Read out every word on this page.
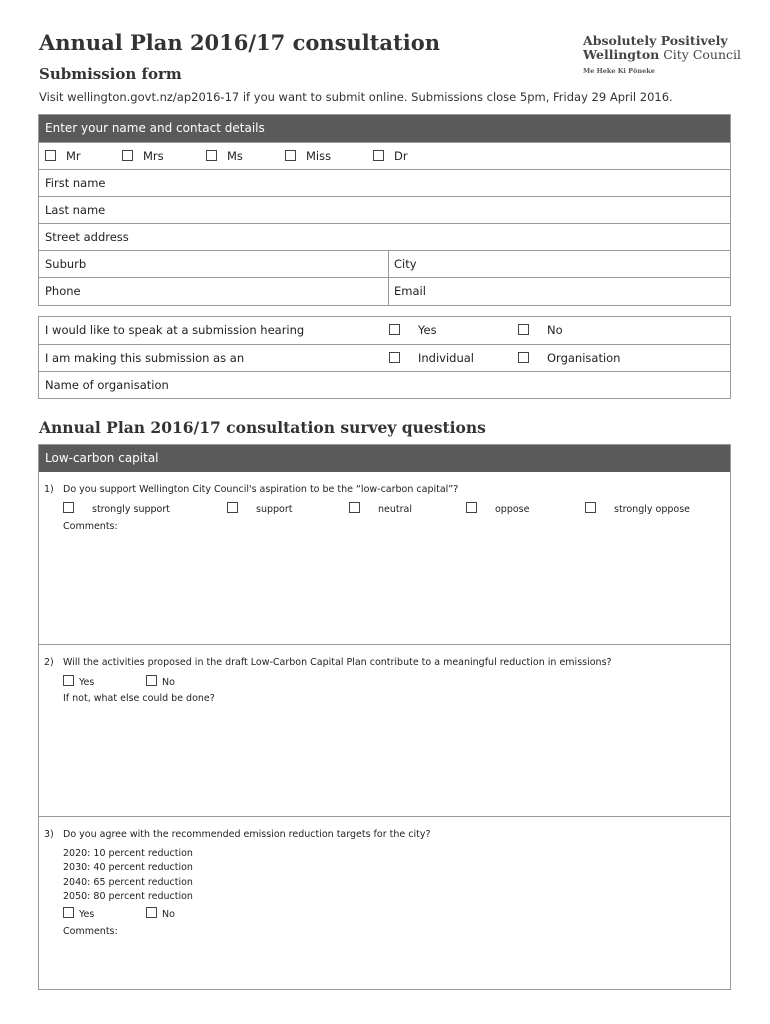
Annual Plan 2016/17 consultation
Submission form
Absolutely Positively
Wellington City Council
Me Heke Ki Pōneke
Visit wellington.govt.nz/ap2016-17 if you want to submit online. Submissions close 5pm, Friday 29 April 2016.
Enter your name and contact details
Mr	Mrs	Ms	Miss	Dr
First name
Last name
Street address
Suburb	City
Phone	Email
I would like to speak at a submission hearing	Yes	No
I am making this submission as an	Individual	Organisation
Name of organisation
Annual Plan 2016/17 consultation survey questions
Low-carbon capital
1) Do you support Wellington City Council's aspiration to be the “low-carbon capital”?
strongly support	support	neutral	oppose	strongly oppose
Comments:
2) Will the activities proposed in the draft Low-Carbon Capital Plan contribute to a meaningful reduction in emissions?
Yes	No
If not, what else could be done?
3) Do you agree with the recommended emission reduction targets for the city?
2020: 10 percent reduction
2030: 40 percent reduction
2040: 65 percent reduction
2050: 80 percent reduction
Yes	No
Comments:
